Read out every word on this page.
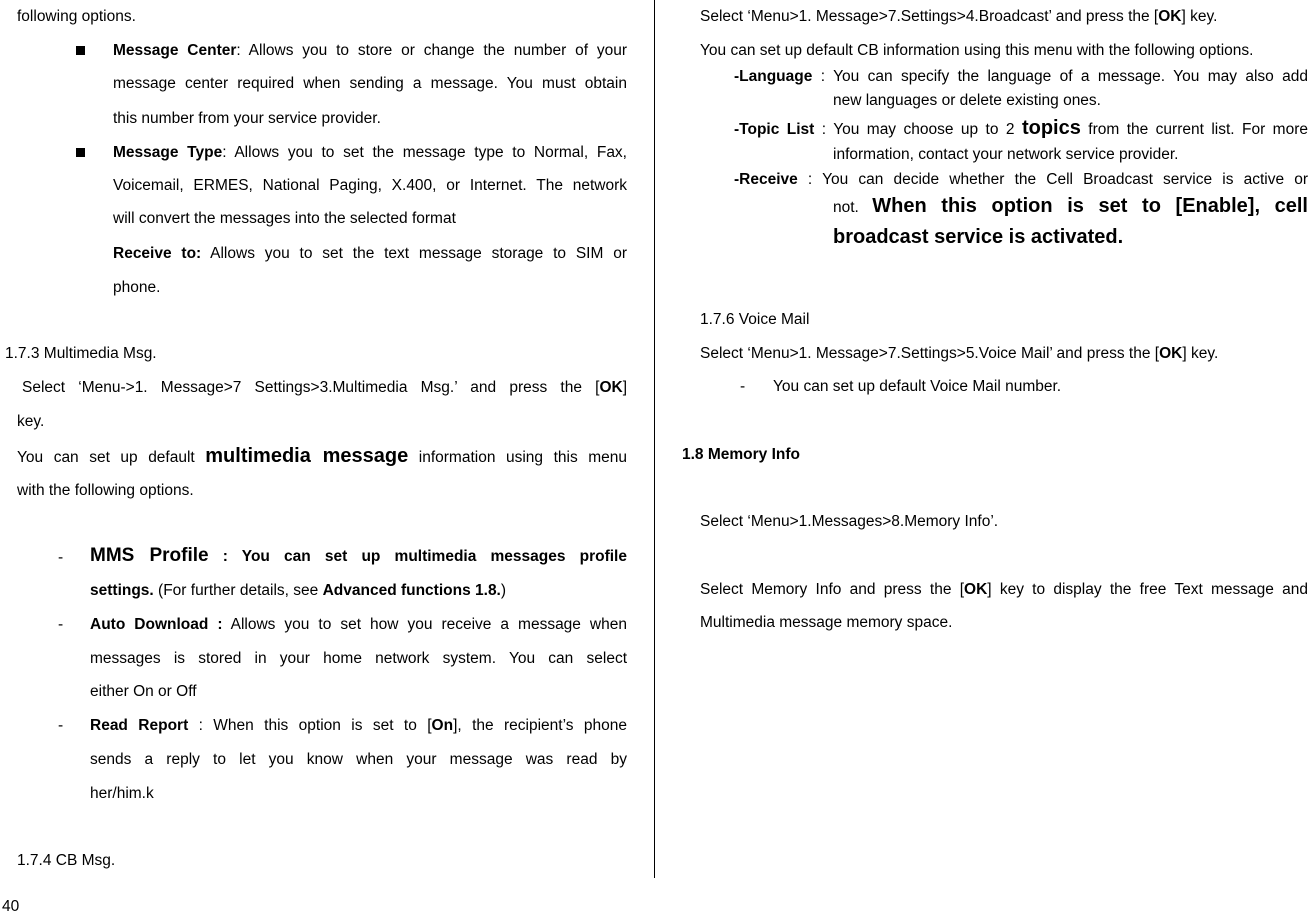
following options.
Message Center: Allows you to store or change the number of your
message center required when sending a message. You must obtain
this number from your service provider.
Message Type: Allows you to set the message type to Normal, Fax,
Voicemail, ERMES, National Paging, X.400, or Internet. The network
will convert the messages into the selected format
Receive to: Allows you to set the text message storage to SIM or
phone.
1.7.3 Multimedia Msg.
Select ‘Menu->1. Message>7 Settings>3.Multimedia Msg.’ and press the [OK]
key.
You can set up default multimedia message information using this menu
with the following options.
- MMS Profile : You can set up multimedia messages profile
settings. (For further details, see Advanced functions 1.8.)
- Auto Download : Allows you to set how you receive a message when
messages is stored in your home network system. You can select
either On or Off
- Read Report : When this option is set to [On], the recipient’s phone
sends a reply to let you know when your message was read by
her/him.k
1.7.4 CB Msg.
Select ‘Menu>1. Message>7.Settings>4.Broadcast’ and press the [OK] key.
You can set up default CB information using this menu with the following options.
-Language : You can specify the language of a message. You may also add
new languages or delete existing ones.
-Topic List : You may choose up to 2 topics from the current list. For more
information, contact your network service provider.
-Receive : You can decide whether the Cell Broadcast service is active or
not. When this option is set to [Enable], cell
broadcast service is activated.
1.7.6 Voice Mail
Select ‘Menu>1. Message>7.Settings>5.Voice Mail’ and press the [OK] key.
- You can set up default Voice Mail number.
1.8 Memory Info
Select ‘Menu>1.Messages>8.Memory Info’.
Select Memory Info and press the [OK] key to display the free Text message and
Multimedia message memory space.
40
